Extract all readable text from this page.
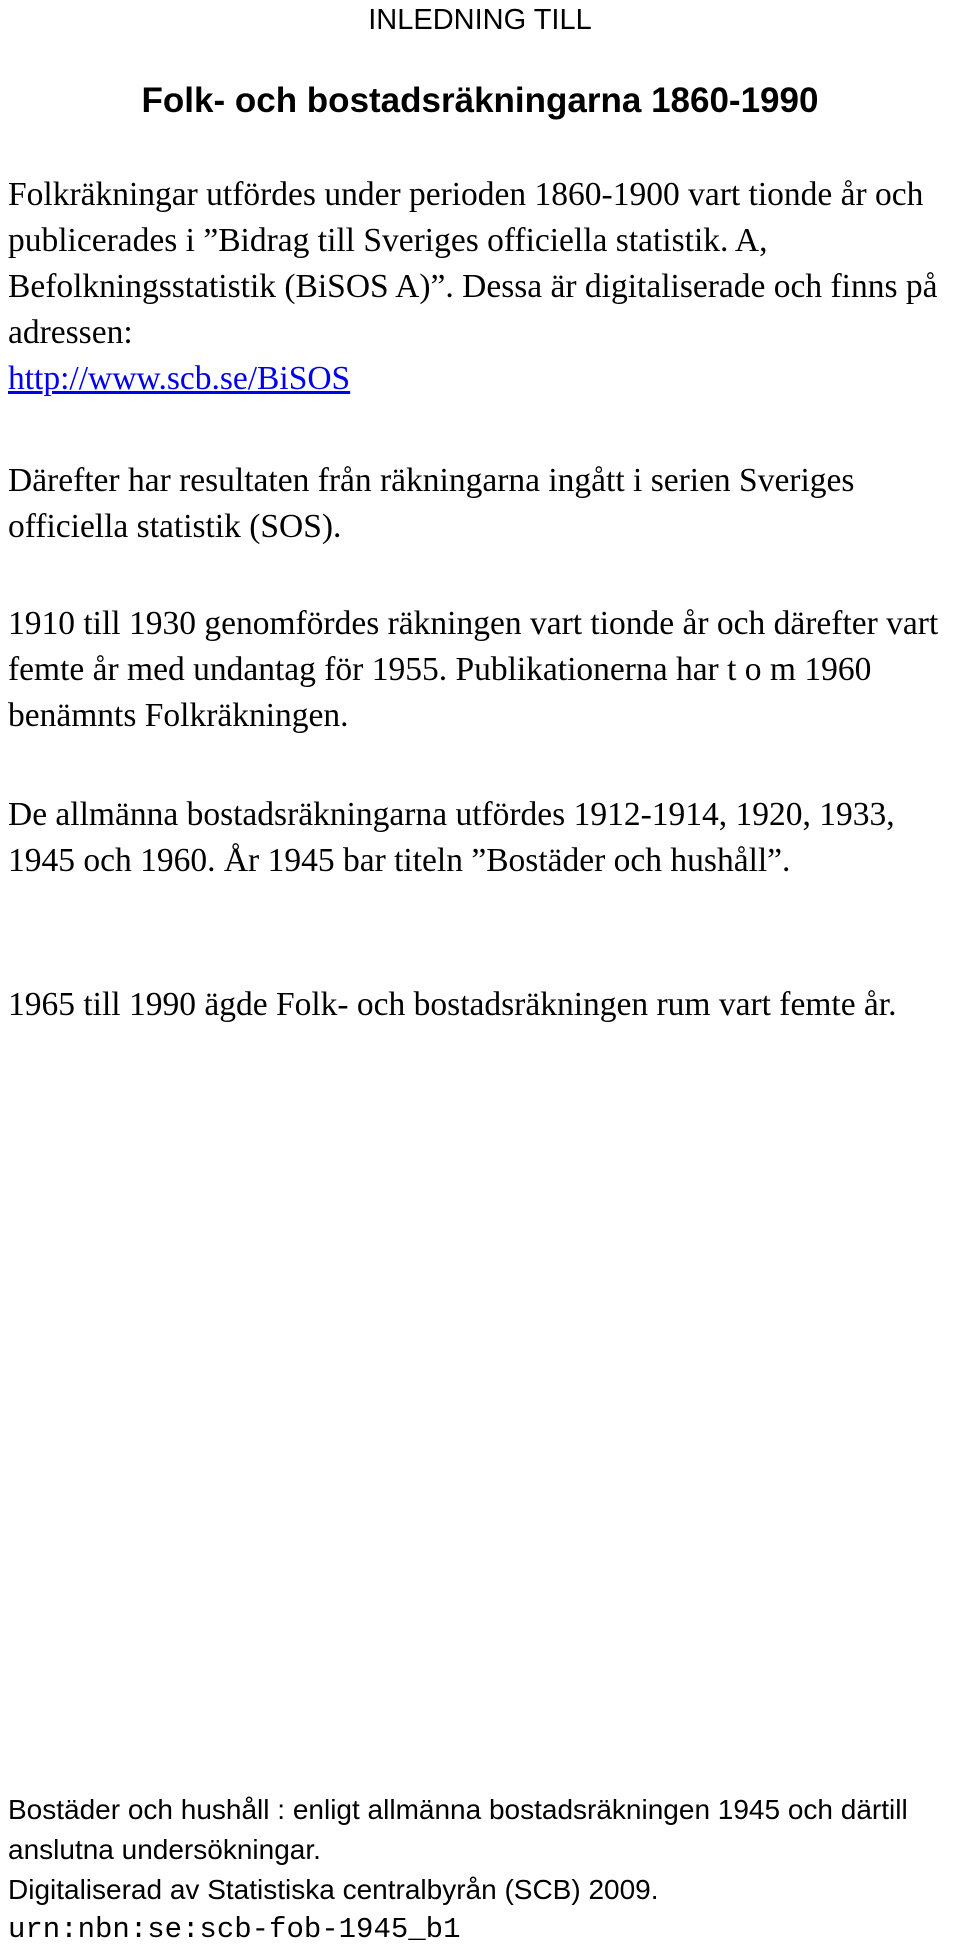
INLEDNING TILL

Folk- och bostadsräkningarna 1860-1990

Folkräkningar utfördes under perioden 1860-1900 vart tionde år och publicerades i ”Bidrag till Sveriges officiella statistik. A, Befolkningsstatistik (BiSOS A)”. Dessa är digitaliserade och finns på adressen:
http://www.scb.se/BiSOS

Därefter har resultaten från räkningarna ingått i serien Sveriges officiella statistik (SOS).

1910 till 1930 genomfördes räkningen vart tionde år och därefter vart femte år med undantag för 1955. Publikationerna har t o m 1960 benämnts Folkräkningen.

De allmänna bostadsräkningarna utfördes 1912-1914, 1920, 1933, 1945 och 1960. År 1945 bar titeln ”Bostäder och hushåll”.

1965 till 1990 ägde Folk- och bostadsräkningen rum vart femte år.

Bostäder och hushåll : enligt allmänna bostadsräkningen 1945 och därtill anslutna undersökningar.
Digitaliserad av Statistiska centralbyrån (SCB) 2009.
urn:nbn:se:scb-fob-1945_b1
